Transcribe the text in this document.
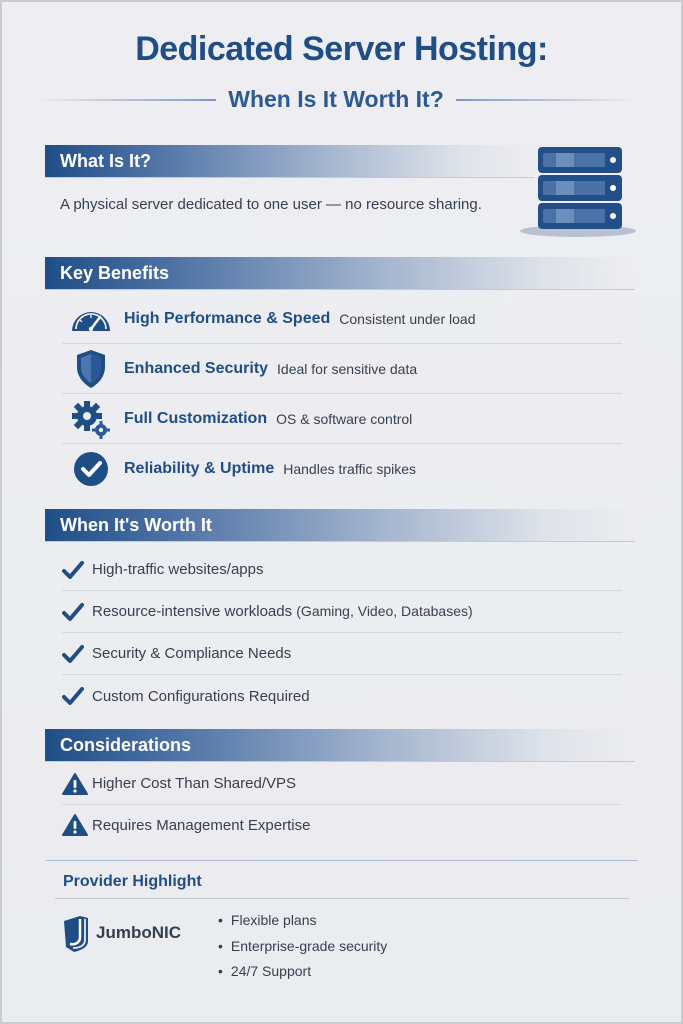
Dedicated Server Hosting:
When Is It Worth It?
What Is It?

A physical server dedicated to one user — no resource sharing.

Key Benefits
High Performance & Speed Consistent under load
Enhanced Security Ideal for sensitive data
Full Customization OS & software control
Reliability & Uptime Handles traffic spikes
When It's Worth It
High-traffic websites/apps
Resource-intensive workloads (Gaming, Video, Databases)
Security & Compliance Needs
Custom Configurations Required
Considerations
Higher Cost Than Shared/VPS
Requires Management Expertise
Provider Highlight
JumboNIC
• Flexible plans
• Enterprise-grade security
• 24/7 Support
